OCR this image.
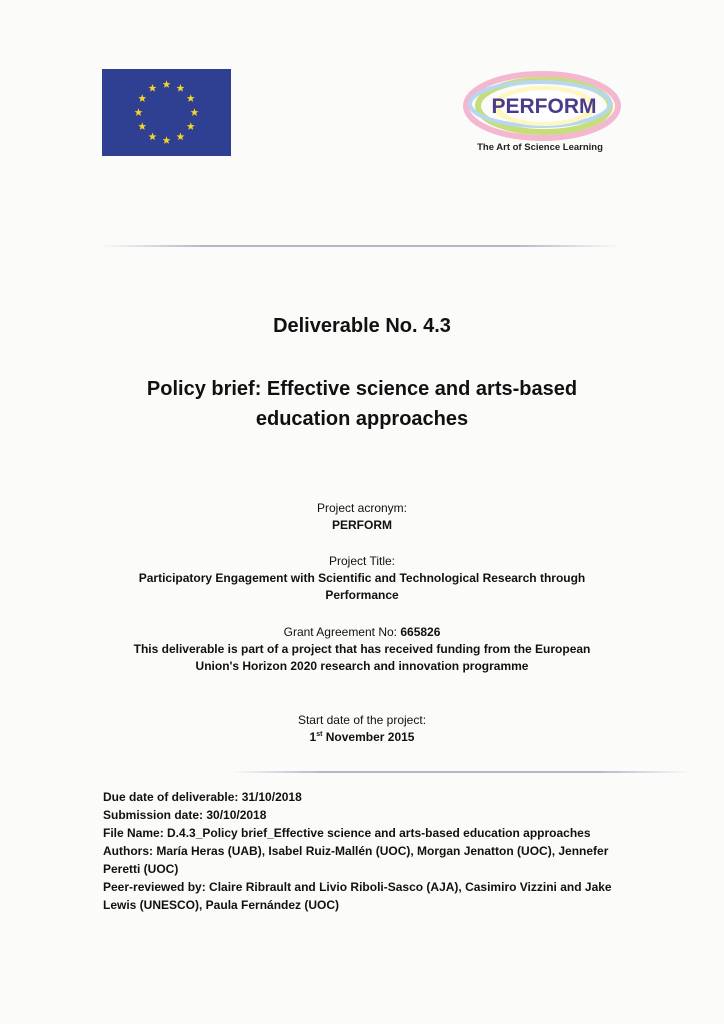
PERFORM
The Art of Science Learning
Deliverable No. 4.3
Policy brief: Effective science and arts-based
education approaches
Project acronym:
PERFORM
Project Title:
Participatory Engagement with Scientific and Technological Research through
Performance
Grant Agreement No: 665826
This deliverable is part of a project that has received funding from the European
Union's Horizon 2020 research and innovation programme
Start date of the project:
1st November 2015
Due date of deliverable: 31/10/2018
Submission date: 30/10/2018
File Name: D.4.3_Policy brief_Effective science and arts-based education approaches
Authors: María Heras (UAB), Isabel Ruiz-Mallén (UOC), Morgan Jenatton (UOC), Jennefer
Peretti (UOC)
Peer-reviewed by: Claire Ribrault and Livio Riboli-Sasco (AJA), Casimiro Vizzini and Jake
Lewis (UNESCO), Paula Fernández (UOC)
